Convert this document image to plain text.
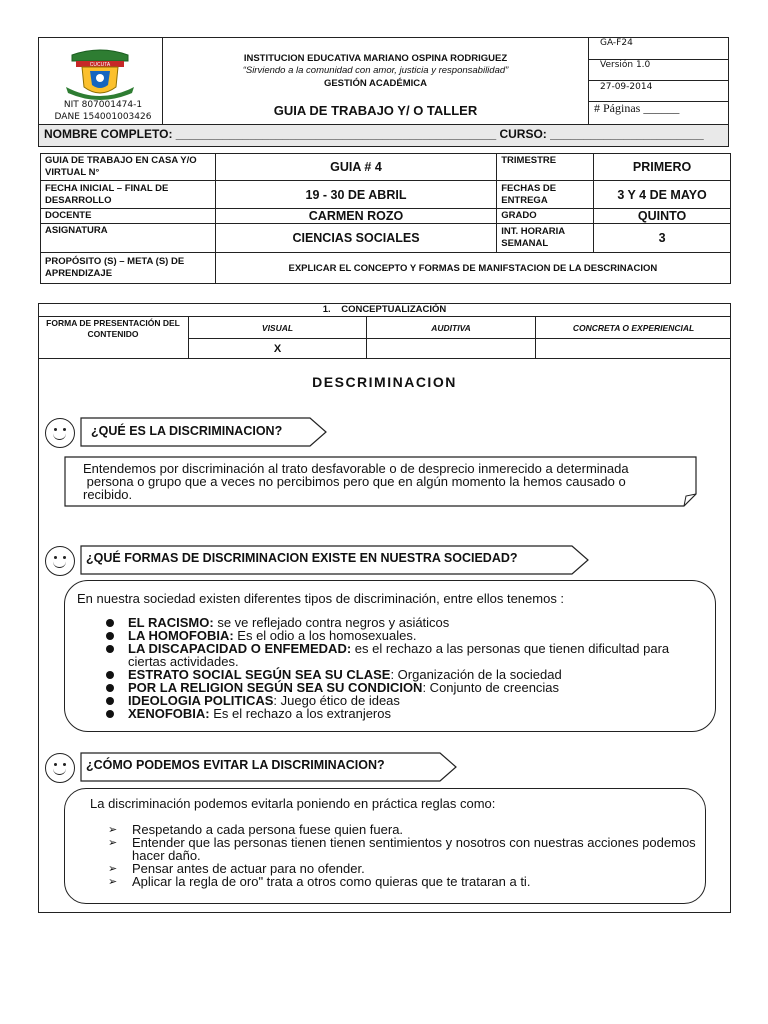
CUCUTA
NIT 807001474-1
DANE 154001003426
INSTITUCION EDUCATIVA MARIANO OSPINA RODRIGUEZ
“Sirviendo a la comunidad con amor, justicia y responsabilidad”
GESTIÓN ACADÉMICA
GUIA DE TRABAJO Y/ O TALLER
GA-F24
Versión 1.0
27-09-2014
# Páginas ______
NOMBRE COMPLETO: ________________________________________________ CURSO: _______________________
GUIA DE TRABAJO EN CASA Y/O VIRTUAL N°	GUIA # 4	TRIMESTRE	PRIMERO
FECHA INICIAL – FINAL DE DESARROLLO	19 - 30 DE ABRIL	FECHAS DE ENTREGA	3 Y 4 DE MAYO
DOCENTE	CARMEN ROZO	GRADO	QUINTO
ASIGNATURA	CIENCIAS SOCIALES	INT. HORARIA SEMANAL	3
PROPÓSITO (S) – META (S) DE APRENDIZAJE	EXPLICAR EL CONCEPTO Y FORMAS DE MANIFSTACION DE LA DESCRINACION		
1.    CONCEPTUALIZACIÓN
FORMA DE PRESENTACIÓN DEL CONTENIDO
VISUAL	AUDITIVA	CONCRETA O EXPERIENCIAL
X
DESCRIMINACION
¿QUÉ ES LA DISCRIMINACION?
Entendemos por discriminación al trato desfavorable o de desprecio inmerecido a determinada
persona o grupo que a veces no percibimos pero que en algún momento la hemos causado o
recibido.
¿QUÉ FORMAS DE DISCRIMINACION EXISTE EN NUESTRA SOCIEDAD?
En nuestra sociedad existen diferentes tipos de discriminación, entre ellos tenemos :
EL RACISMO: se ve reflejado contra negros y asiáticos
LA HOMOFOBIA: Es el odio a los homosexuales.
LA DISCAPACIDAD O ENFEMEDAD: es el rechazo a las personas que tienen dificultad para ciertas actividades.
ESTRATO SOCIAL SEGÚN SEA SU CLASE: Organización de la sociedad
POR LA RELIGION SEGÚN SEA SU CONDICION: Conjunto de creencias
IDEOLOGIA POLITICAS: Juego ético de ideas
XENOFOBIA: Es el rechazo a los extranjeros
¿CÓMO PODEMOS EVITAR LA DISCRIMINACION?
La discriminación podemos evitarla poniendo en práctica reglas como:
➢ Respetando a cada persona fuese quien fuera.
➢ Entender que las personas tienen tienen sentimientos y nosotros con nuestras acciones podemos hacer daño.
➢ Pensar antes de actuar para no ofender.
➢ Aplicar la regla de oro" trata a otros como quieras que te trataran a ti.
